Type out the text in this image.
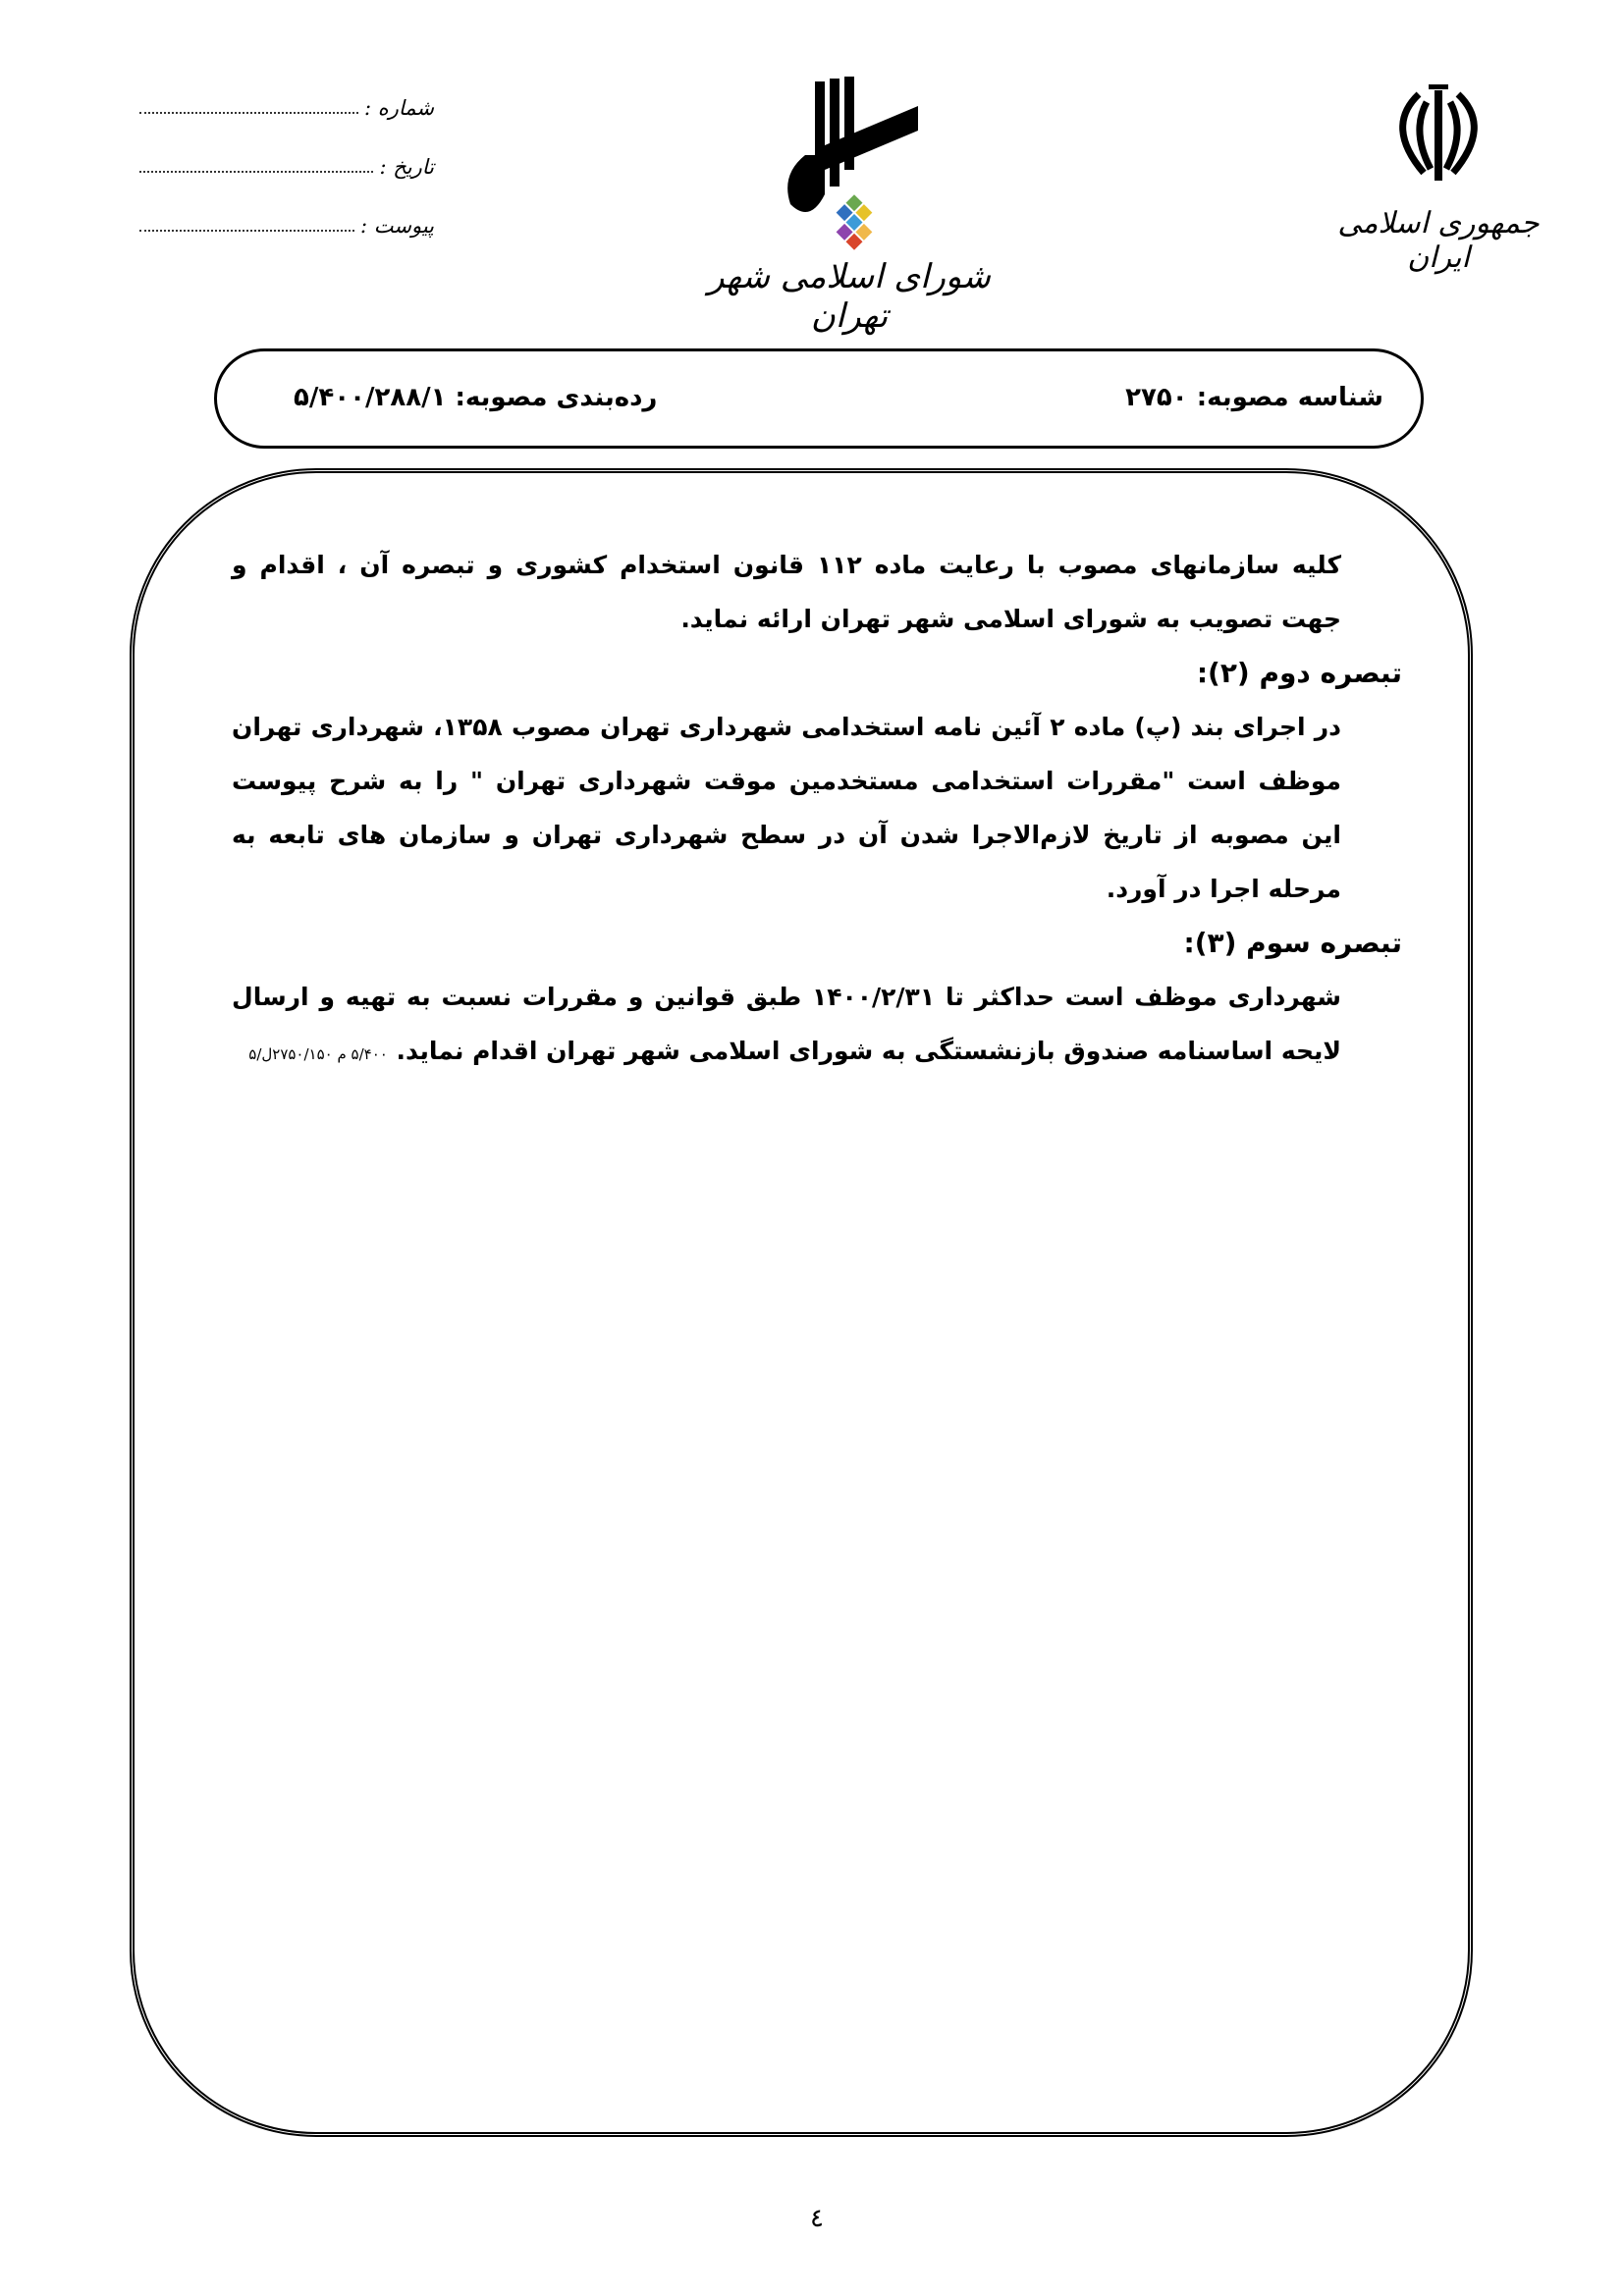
شماره :
تاریخ :
پیوست :
شورای اسلامی شهر تهران
جمهوری اسلامی ایران
شناسه مصوبه: ۲۷۵۰
رده‌بندی مصوبه: ۵/۴۰۰/۲۸۸/۱

کلیه سازمانهای مصوب با رعایت ماده ۱۱۲ قانون استخدام کشوری و تبصره آن ، اقدام و جهت تصویب به شورای اسلامی شهر تهران ارائه نماید.

تبصره دوم (۲):

در اجرای بند (پ) ماده ۲ آئین نامه استخدامی شهرداری تهران مصوب ۱۳۵۸، شهرداری تهران موظف است "مقررات استخدامی مستخدمین موقت شهرداری تهران " را به شرح پیوست این مصوبه از تاریخ لازم‌الاجرا شدن آن در سطح شهرداری تهران و سازمان های تابعه به مرحله اجرا در آورد.

تبصره سوم (۳):

شهرداری موظف است حداکثر تا ۱۴۰۰/۲/۳۱ طبق قوانین و مقررات نسبت به تهیه و ارسال لایحه اساسنامه صندوق بازنشستگی به شورای اسلامی شهر تهران اقدام نماید. ۵/۴۰۰ م ۲۷۵۰/۱۵۰ل/۵

٤
